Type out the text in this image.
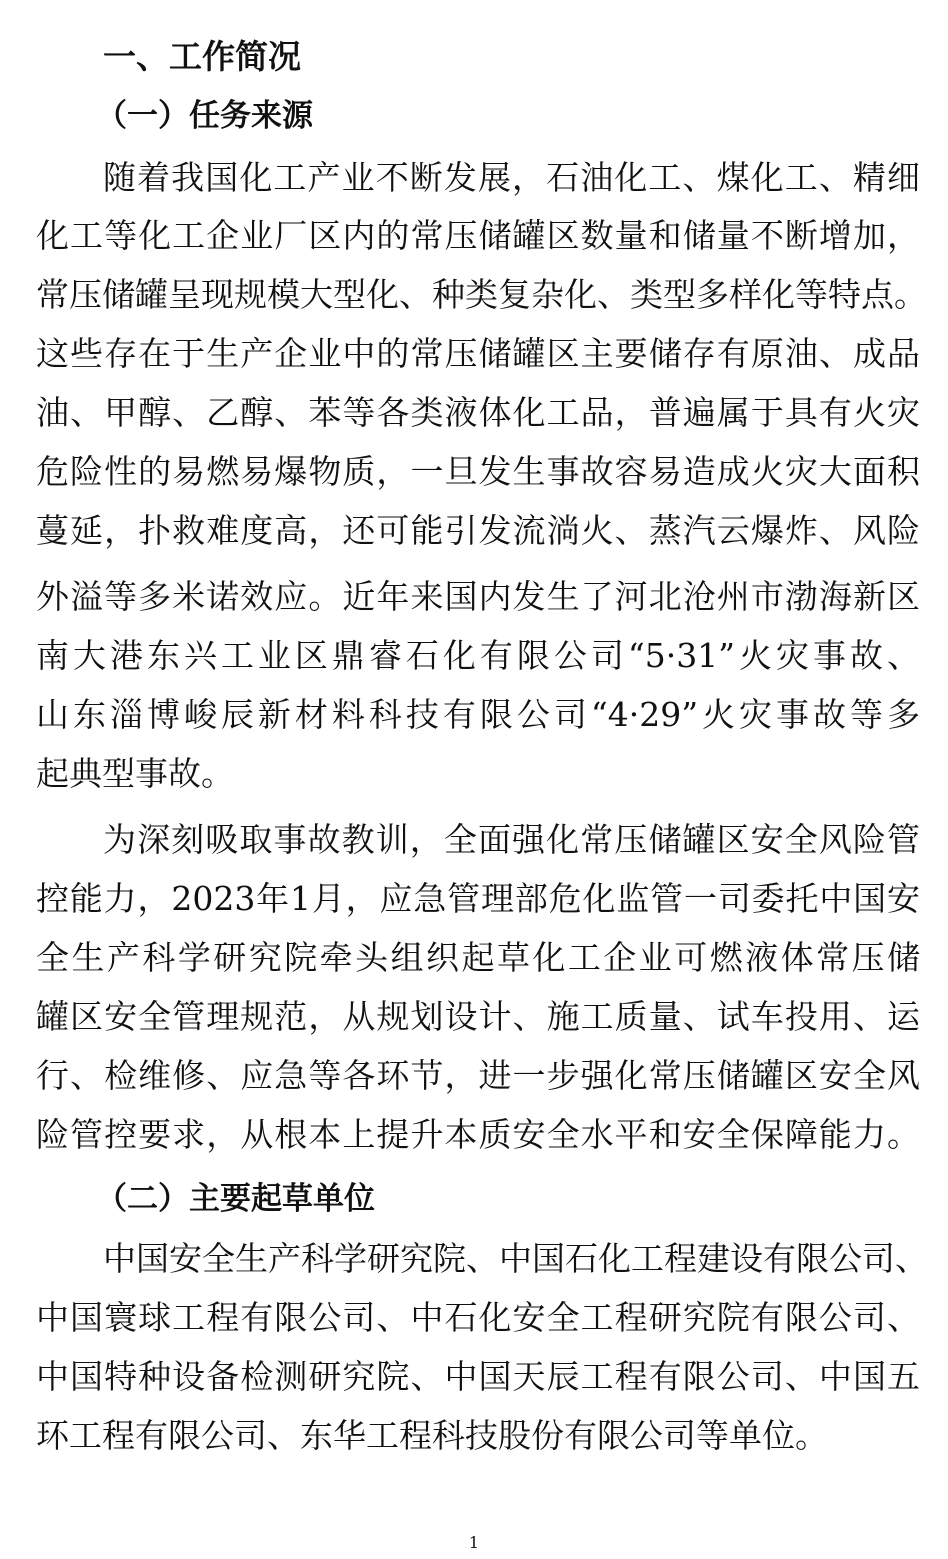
一、工作简况
（一）任务来源
随着我国化工产业不断发展，石油化工、煤化工、精细
化工等化工企业厂区内的常压储罐区数量和储量不断增加，
常压储罐呈现规模大型化、种类复杂化、类型多样化等特点。
这些存在于生产企业中的常压储罐区主要储存有原油、成品
油、甲醇、乙醇、苯等各类液体化工品，普遍属于具有火灾
危险性的易燃易爆物质，一旦发生事故容易造成火灾大面积
蔓延，扑救难度高，还可能引发流淌火、蒸汽云爆炸、风险
外溢等多米诺效应。近年来国内发生了河北沧州市渤海新区
南大港东兴工业区鼎睿石化有限公司“5·31”火灾事故、
山东淄博峻辰新材料科技有限公司“4·29”火灾事故等多
起典型事故。
为深刻吸取事故教训，全面强化常压储罐区安全风险管
控能力，2023年1月，应急管理部危化监管一司委托中国安
全生产科学研究院牵头组织起草化工企业可燃液体常压储
罐区安全管理规范，从规划设计、施工质量、试车投用、运
行、检维修、应急等各环节，进一步强化常压储罐区安全风
险管控要求，从根本上提升本质安全水平和安全保障能力。
（二）主要起草单位
中国安全生产科学研究院、中国石化工程建设有限公司、
中国寰球工程有限公司、中石化安全工程研究院有限公司、
中国特种设备检测研究院、中国天辰工程有限公司、中国五
环工程有限公司、东华工程科技股份有限公司等单位。
1
